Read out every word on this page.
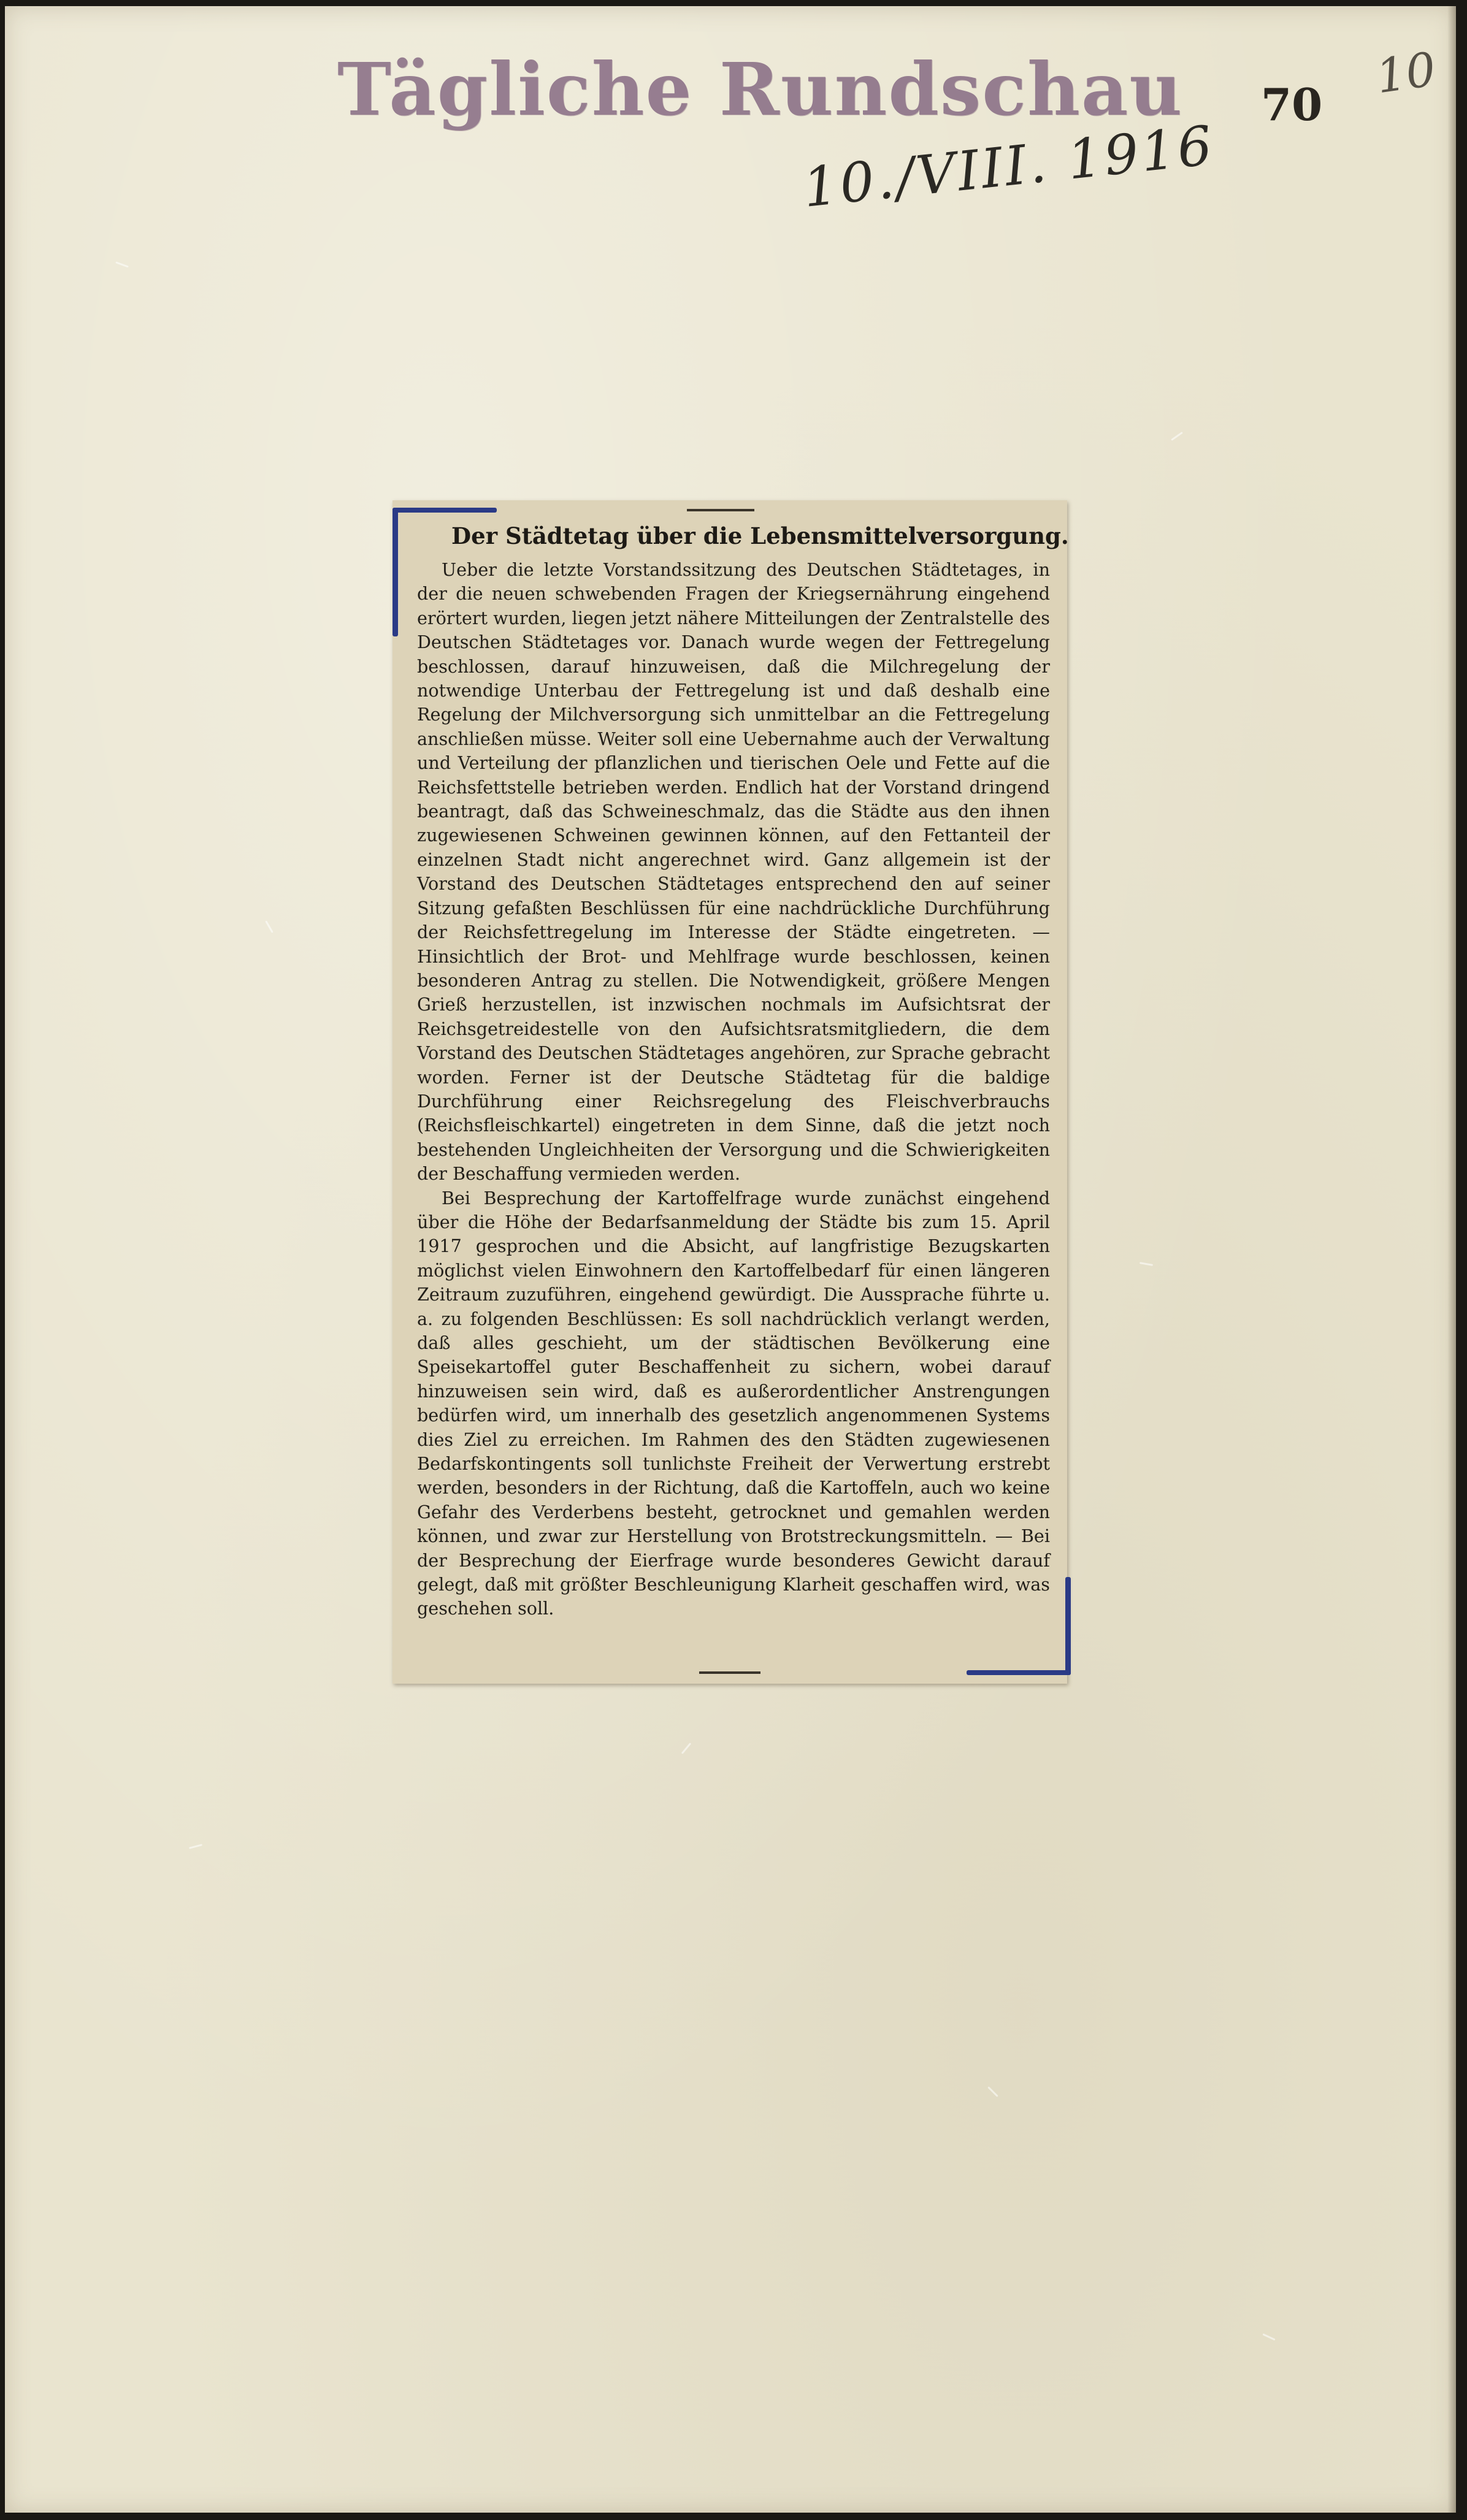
Tägliche Rundschau 70
10
10./VIII. 1916
Der Städtetag über die Lebensmittelversorgung.

Ueber die letzte Vorstandssitzung des Deutschen Städtetages, in der die neuen schwebenden Fragen der Kriegsernährung eingehend erörtert wurden, liegen jetzt nähere Mitteilungen der Zentralstelle des Deutschen Städtetages vor. Danach wurde wegen der Fettregelung beschlossen, darauf hinzuweisen, daß die Milchregelung der notwendige Unterbau der Fettregelung ist und daß deshalb eine Regelung der Milchversorgung sich unmittelbar an die Fettregelung anschließen müsse. Weiter soll eine Uebernahme auch der Verwaltung und Verteilung der pflanzlichen und tierischen Oele und Fette auf die Reichsfettstelle betrieben werden. Endlich hat der Vorstand dringend beantragt, daß das Schweineschmalz, das die Städte aus den ihnen zugewiesenen Schweinen gewinnen können, auf den Fettanteil der einzelnen Stadt nicht angerechnet wird. Ganz allgemein ist der Vorstand des Deutschen Städtetages entsprechend den auf seiner Sitzung gefaßten Beschlüssen für eine nachdrückliche Durchführung der Reichsfettregelung im Interesse der Städte eingetreten. — Hinsichtlich der Brot- und Mehlfrage wurde beschlossen, keinen besonderen Antrag zu stellen. Die Notwendigkeit, größere Mengen Grieß herzustellen, ist inzwischen nochmals im Aufsichtsrat der Reichsgetreidestelle von den Aufsichtsratsmitgliedern, die dem Vorstand des Deutschen Städtetages angehören, zur Sprache gebracht worden. Ferner ist der Deutsche Städtetag für die baldige Durchführung einer Reichsregelung des Fleischverbrauchs (Reichsfleischkartel) eingetreten in dem Sinne, daß die jetzt noch bestehenden Ungleichheiten der Versorgung und die Schwierigkeiten der Beschaffung vermieden werden.

Bei Besprechung der Kartoffelfrage wurde zunächst eingehend über die Höhe der Bedarfsanmeldung der Städte bis zum 15. April 1917 gesprochen und die Absicht, auf langfristige Bezugskarten möglichst vielen Einwohnern den Kartoffelbedarf für einen längeren Zeitraum zuzuführen, eingehend gewürdigt. Die Aussprache führte u. a. zu folgenden Beschlüssen: Es soll nachdrücklich verlangt werden, daß alles geschieht, um der städtischen Bevölkerung eine Speisekartoffel guter Beschaffenheit zu sichern, wobei darauf hinzuweisen sein wird, daß es außerordentlicher Anstrengungen bedürfen wird, um innerhalb des gesetzlich angenommenen Systems dies Ziel zu erreichen. Im Rahmen des den Städten zugewiesenen Bedarfskontingents soll tunlichste Freiheit der Verwertung erstrebt werden, besonders in der Richtung, daß die Kartoffeln, auch wo keine Gefahr des Verderbens besteht, getrocknet und gemahlen werden können, und zwar zur Herstellung von Brotstreckungsmitteln. — Bei der Besprechung der Eierfrage wurde besonderes Gewicht darauf gelegt, daß mit größter Beschleunigung Klarheit geschaffen wird, was geschehen soll.
